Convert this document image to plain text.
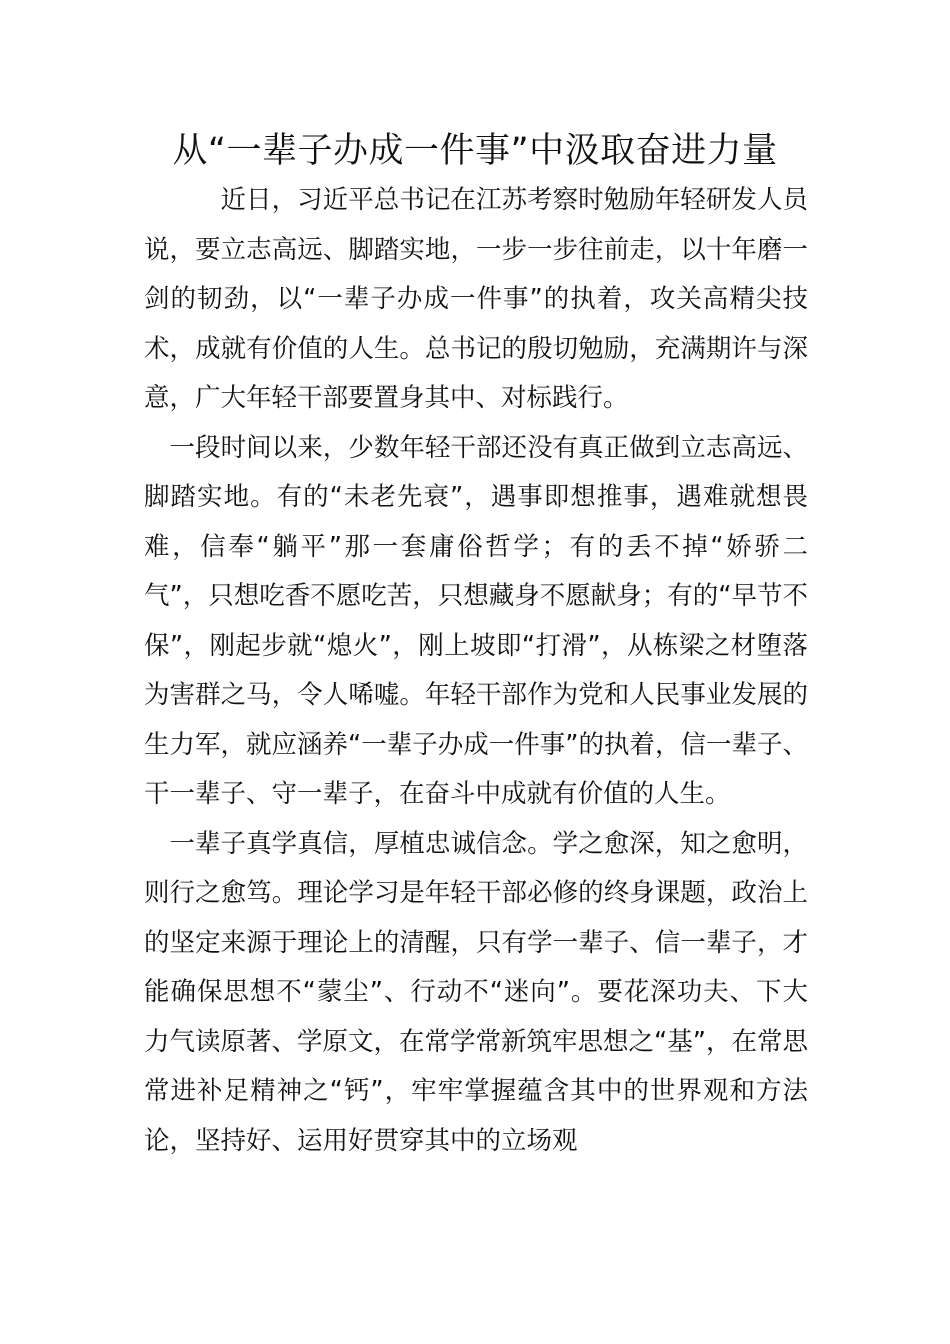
从“一辈子办成一件事”中汲取奋进力量

近日，习近平总书记在江苏考察时勉励年轻研发人员说，要立志高远、脚踏实地，一步一步往前走，以十年磨一剑的韧劲，以“一辈子办成一件事”的执着，攻关高精尖技术，成就有价值的人生。总书记的殷切勉励，充满期许与深意，广大年轻干部要置身其中、对标践行。

一段时间以来，少数年轻干部还没有真正做到立志高远、脚踏实地。有的“未老先衰”，遇事即想推事，遇难就想畏难，信奉“躺平”那一套庸俗哲学；有的丢不掉“娇骄二气”，只想吃香不愿吃苦，只想藏身不愿献身；有的“早节不保”，刚起步就“熄火”，刚上坡即“打滑”，从栋梁之材堕落为害群之马，令人唏嘘。年轻干部作为党和人民事业发展的生力军，就应涵养“一辈子办成一件事”的执着，信一辈子、干一辈子、守一辈子，在奋斗中成就有价值的人生。

一辈子真学真信，厚植忠诚信念。学之愈深，知之愈明，则行之愈笃。理论学习是年轻干部必修的终身课题，政治上的坚定来源于理论上的清醒，只有学一辈子、信一辈子，才能确保思想不“蒙尘”、行动不“迷向”。要花深功夫、下大力气读原著、学原文，在常学常新筑牢思想之“基”，在常思常进补足精神之“钙”，牢牢掌握蕴含其中的世界观和方法论，坚持好、运用好贯穿其中的立场观
